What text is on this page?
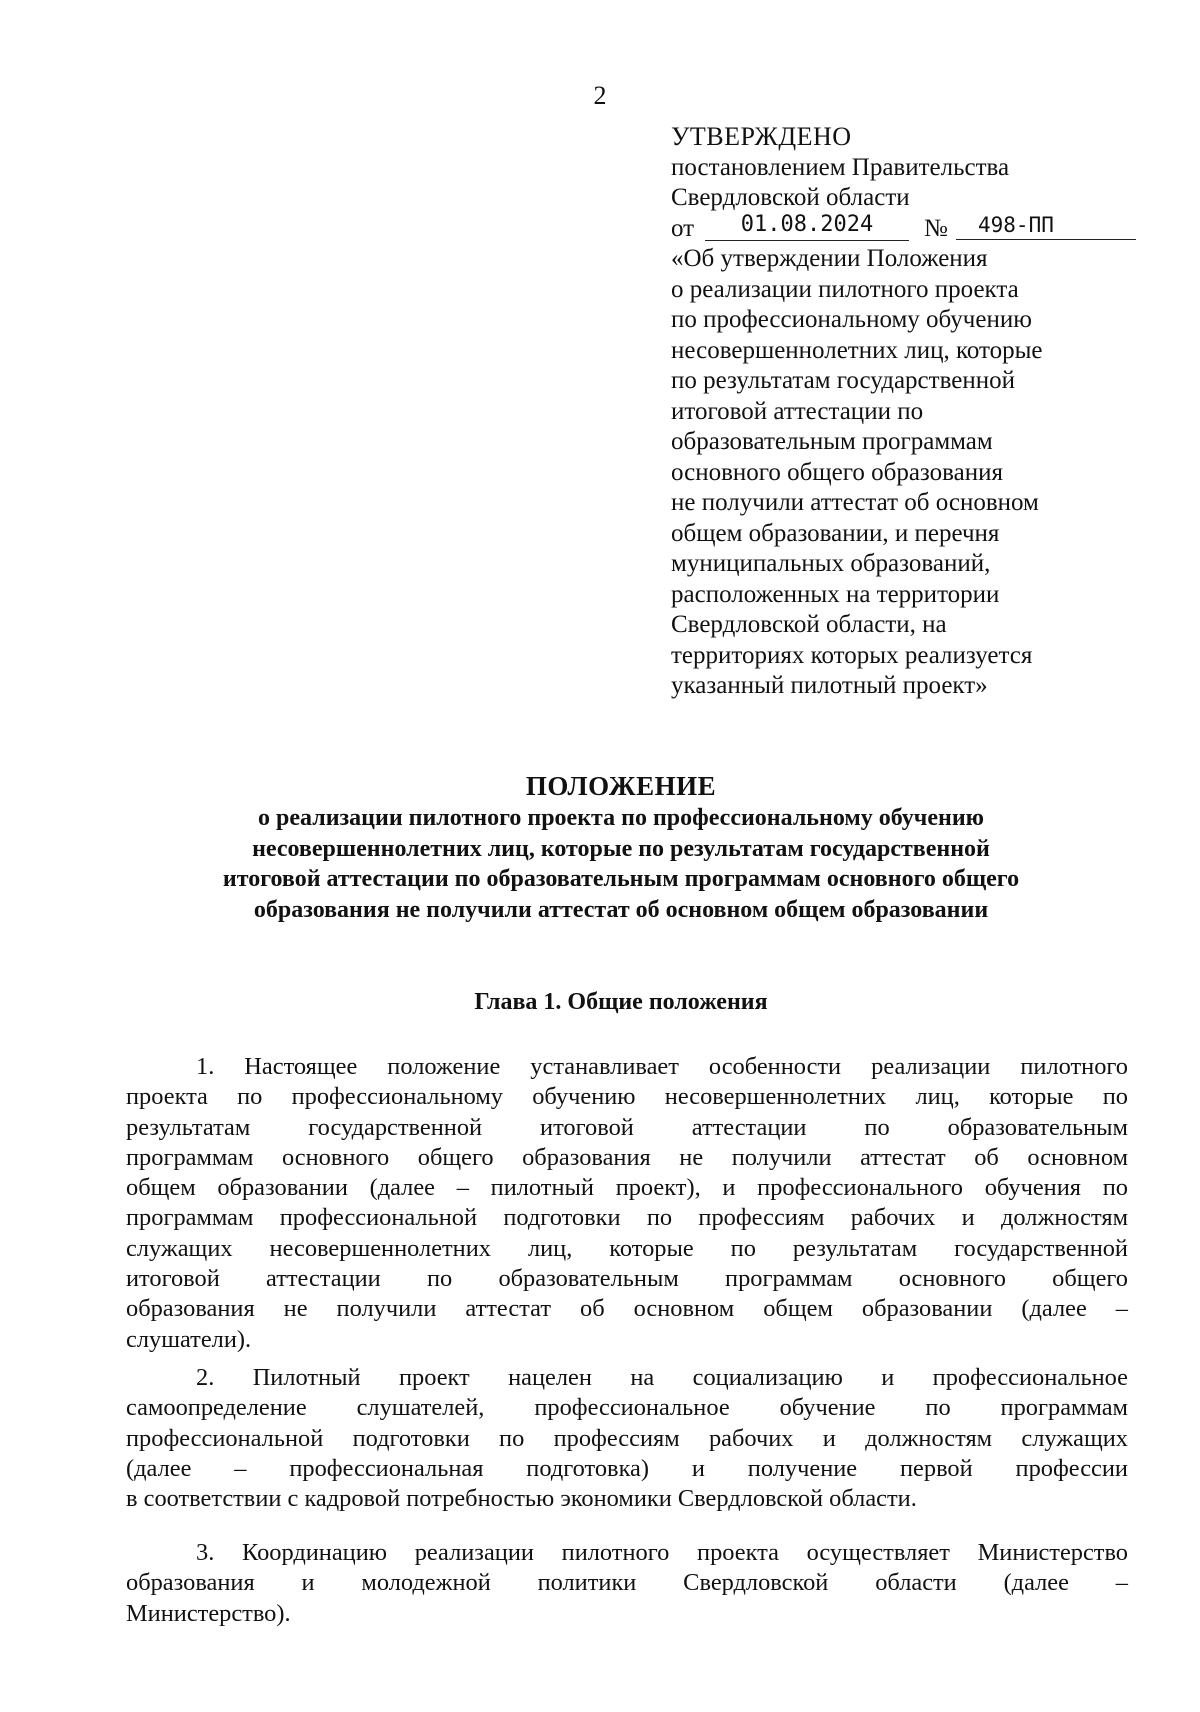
2
УТВЕРЖДЕНО
постановлением Правительства
Свердловской области
от	01.08.2024	№	498-ПП
«Об утверждении Положения
о реализации пилотного проекта
по профессиональному обучению
несовершеннолетних лиц, которые
по результатам государственной
итоговой аттестации по
образовательным программам
основного общего образования
не получили аттестат об основном
общем образовании, и перечня
муниципальных образований,
расположенных на территории
Свердловской области, на
территориях которых реализуется
указанный пилотный проект»
ПОЛОЖЕНИЕ
о реализации пилотного проекта по профессиональному обучению
несовершеннолетних лиц, которые по результатам государственной
итоговой аттестации по образовательным программам основного общего
образования не получили аттестат об основном общем образовании
Глава 1. Общие положения
1. Настоящее положение устанавливает особенности реализации пилотного
проекта по профессиональному обучению несовершеннолетних лиц, которые по
результатам государственной итоговой аттестации по образовательным
программам основного общего образования не получили аттестат об основном
общем образовании (далее – пилотный проект), и профессионального обучения по
программам профессиональной подготовки по профессиям рабочих и должностям
служащих несовершеннолетних лиц, которые по результатам государственной
итоговой аттестации по образовательным программам основного общего
образования не получили аттестат об основном общем образовании (далее –
слушатели).
2. Пилотный проект нацелен на социализацию и профессиональное
самоопределение слушателей, профессиональное обучение по программам
профессиональной подготовки по профессиям рабочих и должностям служащих
(далее – профессиональная подготовка) и получение первой профессии
в соответствии с кадровой потребностью экономики Свердловской области.
3. Координацию реализации пилотного проекта осуществляет Министерство
образования и молодежной политики Свердловской области (далее –
Министерство).
